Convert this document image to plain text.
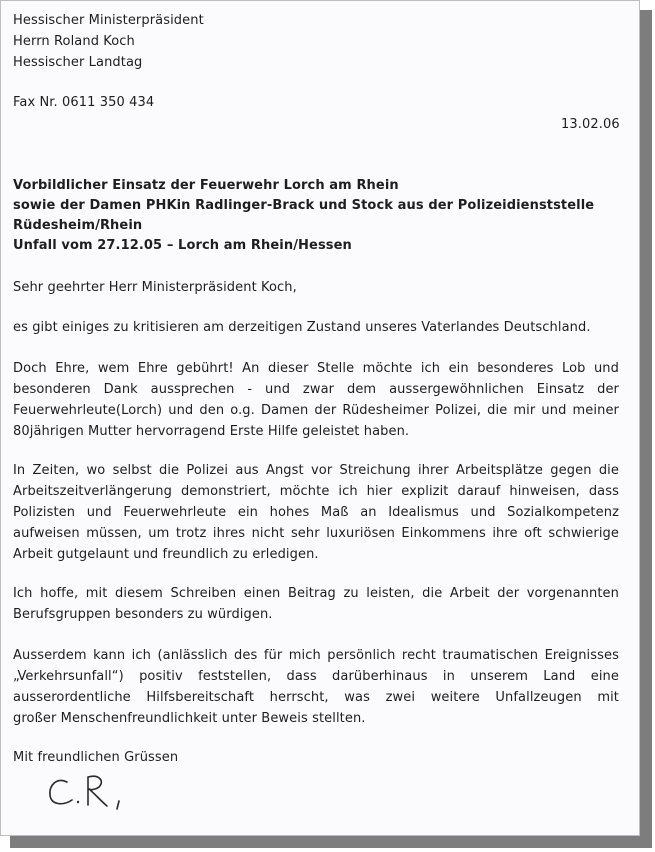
Hessischer Ministerpräsident
Herrn Roland Koch
Hessischer Landtag
Fax Nr. 0611 350 434
13.02.06
Vorbildlicher Einsatz der Feuerwehr Lorch am Rhein
sowie der Damen PHKin Radlinger-Brack und Stock aus der Polizeidienststelle
Rüdesheim/Rhein
Unfall vom 27.12.05 – Lorch am Rhein/Hessen
Sehr geehrter Herr Ministerpräsident Koch,
es gibt einiges zu kritisieren am derzeitigen Zustand unseres Vaterlandes Deutschland.
Doch Ehre, wem Ehre gebührt! An dieser Stelle möchte ich ein besonderes Lob und
besonderen Dank aussprechen - und zwar dem aussergewöhnlichen Einsatz der
Feuerwehrleute(Lorch) und den o.g. Damen der Rüdesheimer Polizei, die mir und meiner
80jährigen Mutter hervorragend Erste Hilfe geleistet haben.
In Zeiten, wo selbst die Polizei aus Angst vor Streichung ihrer Arbeitsplätze gegen die
Arbeitszeitverlängerung demonstriert, möchte ich hier explizit darauf hinweisen, dass
Polizisten und Feuerwehrleute ein hohes Maß an Idealismus und Sozialkompetenz
aufweisen müssen, um trotz ihres nicht sehr luxuriösen Einkommens ihre oft schwierige
Arbeit gutgelaunt und freundlich zu erledigen.
Ich hoffe, mit diesem Schreiben einen Beitrag zu leisten, die Arbeit der vorgenannten
Berufsgruppen besonders zu würdigen.
Ausserdem kann ich (anlässlich des für mich persönlich recht traumatischen Ereignisses
„Verkehrsunfall“) positiv feststellen, dass darüberhinaus in unserem Land eine
ausserordentliche Hilfsbereitschaft herrscht, was zwei weitere Unfallzeugen mit
großer Menschenfreundlichkeit unter Beweis stellten.
Mit freundlichen Grüssen
